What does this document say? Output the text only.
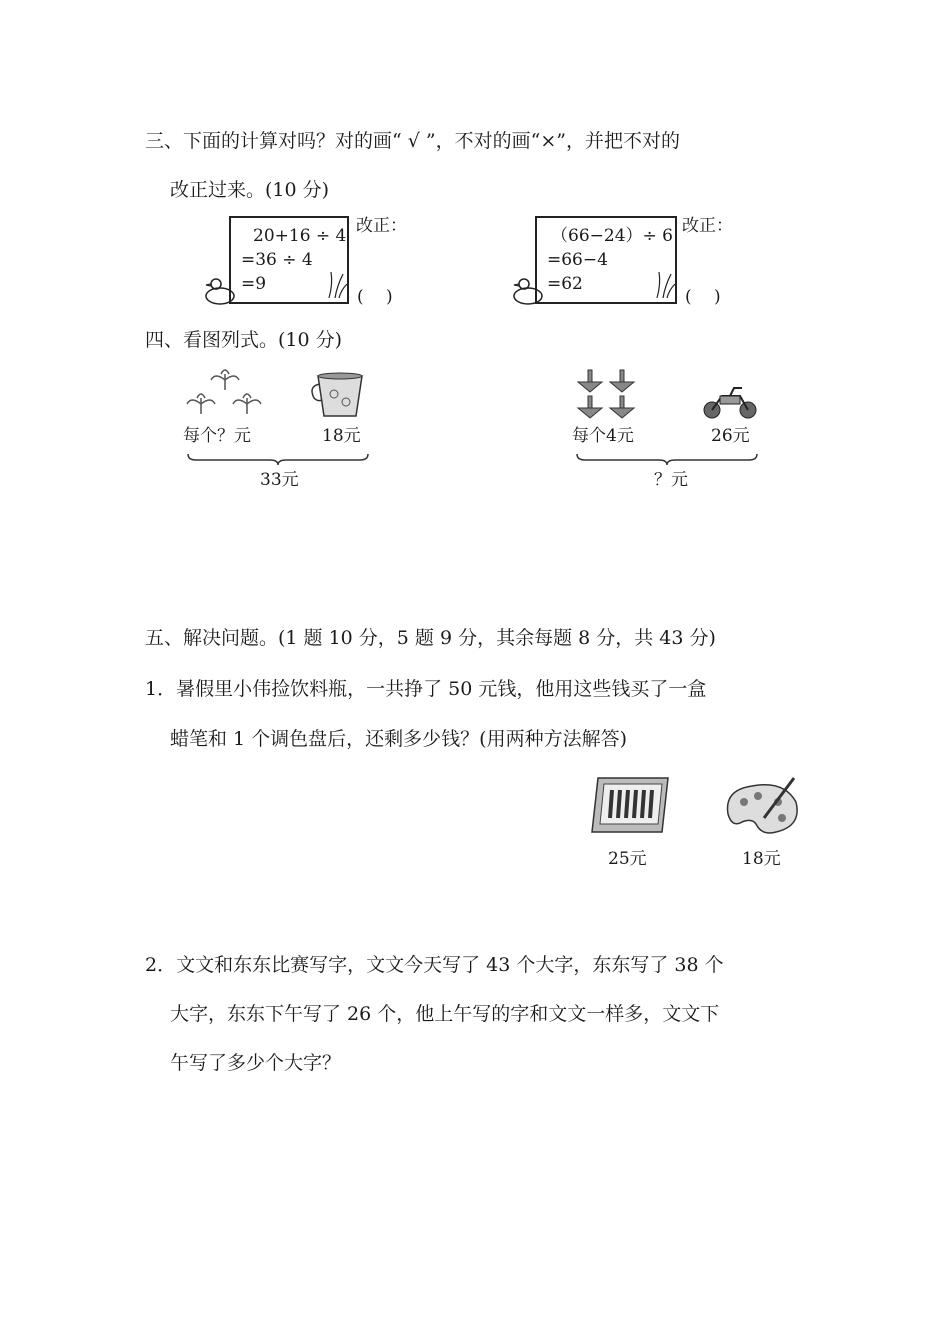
三、下面的计算对吗？对的画“ √ ”，不对的画“×”，并把不对的
改正过来。(10 分)
20+16 ÷ 4
=36 ÷ 4
=9
改正：
(　 )
（66−24）÷ 6
=66−4
=62
改正：
(　 )
四、看图列式。(10 分)
每个？元	18元
33元
每个4元	26元
？元
五、解决问题。(1 题 10 分，5 题 9 分，其余每题 8 分，共 43 分)
1．暑假里小伟捡饮料瓶，一共挣了 50 元钱，他用这些钱买了一盒
蜡笔和 1 个调色盘后，还剩多少钱？(用两种方法解答)
25元	18元
2．文文和东东比赛写字，文文今天写了 43 个大字，东东写了 38 个
大字，东东下午写了 26 个，他上午写的字和文文一样多，文文下
午写了多少个大字？
